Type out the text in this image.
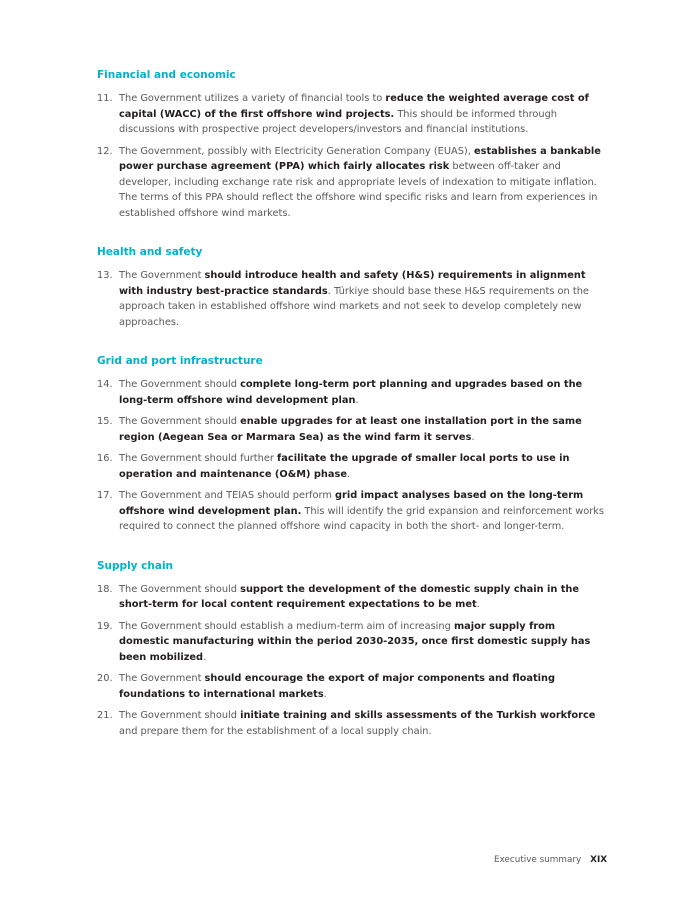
Financial and economic
11. The Government utilizes a variety of financial tools to reduce the weighted average cost of capital (WACC) of the first offshore wind projects. This should be informed through discussions with prospective project developers/investors and financial institutions.

12. The Government, possibly with Electricity Generation Company (EUAS), establishes a bankable power purchase agreement (PPA) which fairly allocates risk between off-taker and developer, including exchange rate risk and appropriate levels of indexation to mitigate inflation. The terms of this PPA should reflect the offshore wind specific risks and learn from experiences in established offshore wind markets.

Health and safety
13. The Government should introduce health and safety (H&S) requirements in alignment with industry best-practice standards. Türkiye should base these H&S requirements on the approach taken in established offshore wind markets and not seek to develop completely new approaches.

Grid and port infrastructure
14. The Government should complete long-term port planning and upgrades based on the long-term offshore wind development plan.

15. The Government should enable upgrades for at least one installation port in the same region (Aegean Sea or Marmara Sea) as the wind farm it serves.

16. The Government should further facilitate the upgrade of smaller local ports to use in operation and maintenance (O&M) phase.

17. The Government and TEIAS should perform grid impact analyses based on the long-term offshore wind development plan. This will identify the grid expansion and reinforcement works required to connect the planned offshore wind capacity in both the short- and longer-term.

Supply chain
18. The Government should support the development of the domestic supply chain in the short-term for local content requirement expectations to be met.

19. The Government should establish a medium-term aim of increasing major supply from domestic manufacturing within the period 2030-2035, once first domestic supply has been mobilized.

20. The Government should encourage the export of major components and floating foundations to international markets.

21. The Government should initiate training and skills assessments of the Turkish workforce and prepare them for the establishment of a local supply chain.

Executive summary XIX
